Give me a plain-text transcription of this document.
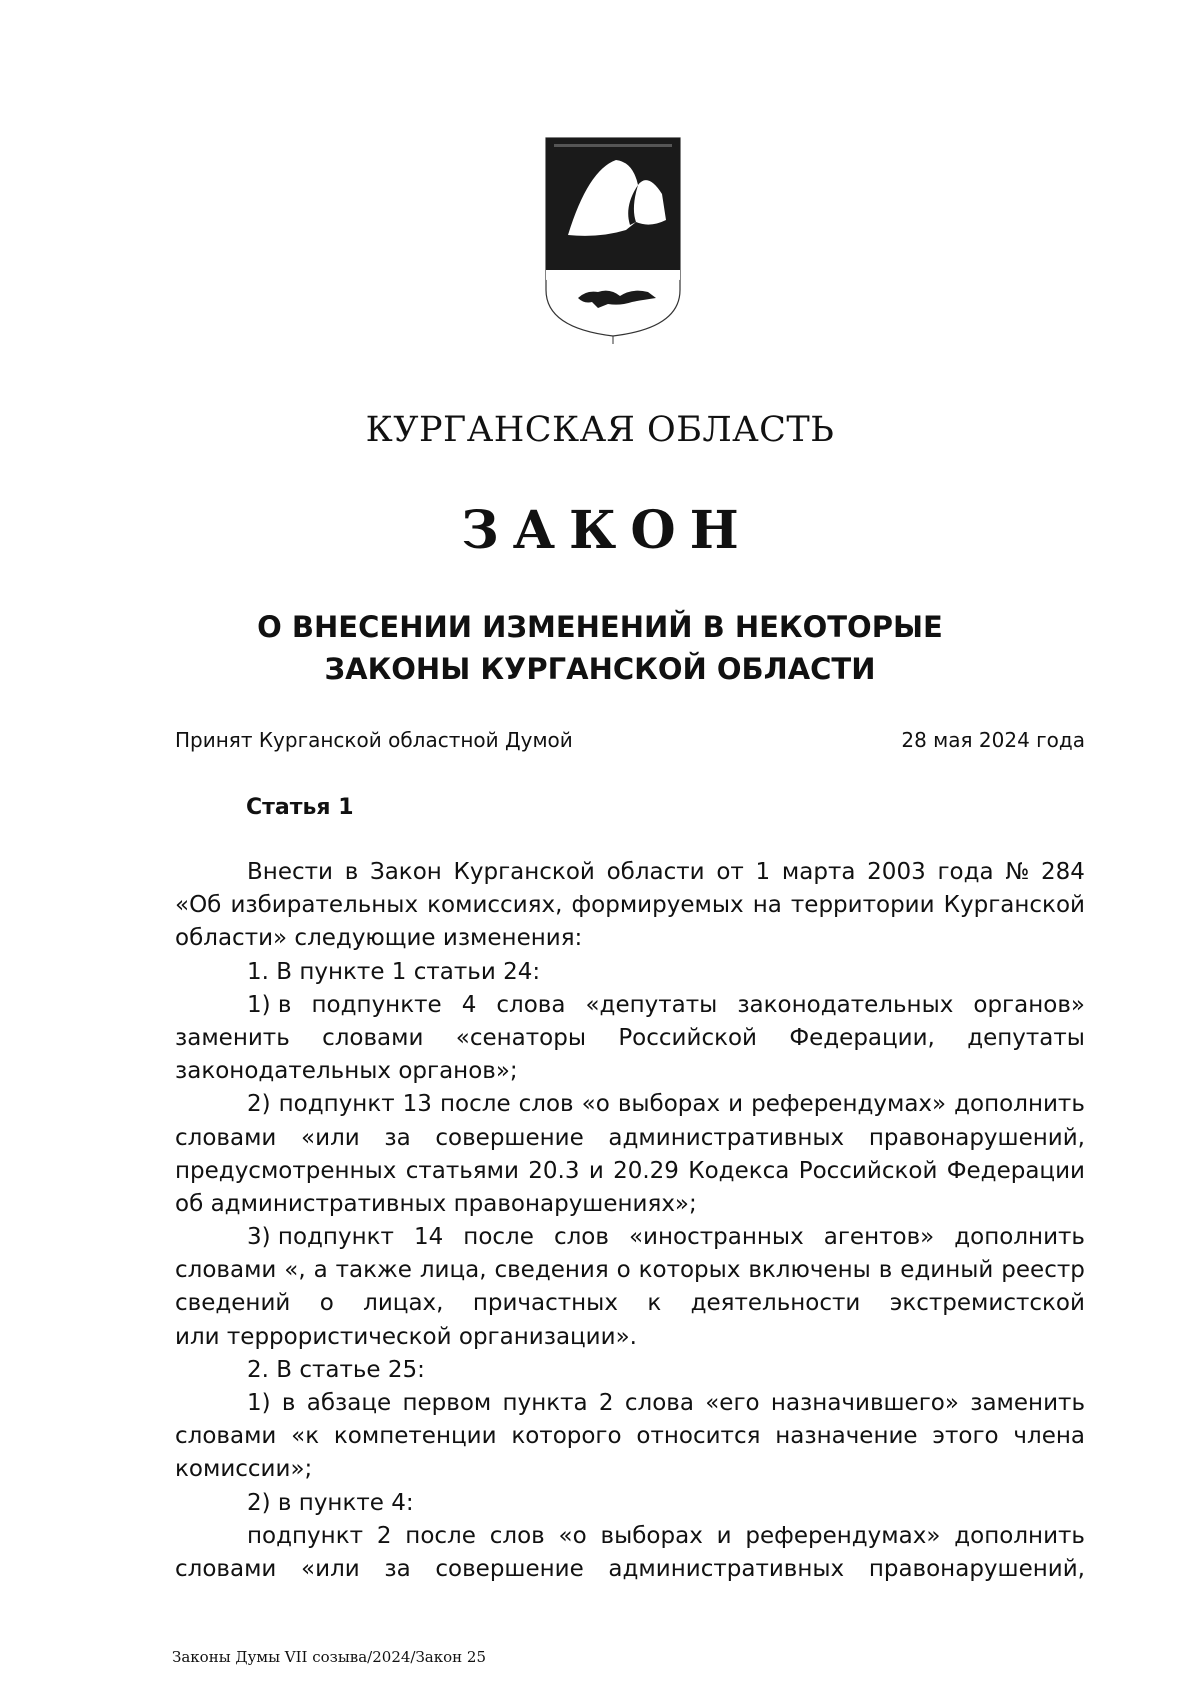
КУРГАНСКАЯ ОБЛАСТЬ
ЗАКОН
О ВНЕСЕНИИ ИЗМЕНЕНИЙ В НЕКОТОРЫЕ
ЗАКОНЫ КУРГАНСКОЙ ОБЛАСТИ
Принят Курганской областной Думой	28 мая 2024 года
Статья 1
Внести в Закон Курганской области от 1 марта 2003 года № 284
«Об избирательных комиссиях, формируемых на территории Курганской
области» следующие изменения:
1. В пункте 1 статьи 24:
1) в подпункте 4 слова «депутаты законодательных органов»
заменить словами «сенаторы Российской Федерации, депутаты
законодательных органов»;
2) подпункт 13 после слов «о выборах и референдумах» дополнить
словами «или за совершение административных правонарушений,
предусмотренных статьями 20.3 и 20.29 Кодекса Российской Федерации
об административных правонарушениях»;
3) подпункт 14 после слов «иностранных агентов» дополнить
словами «, а также лица, сведения о которых включены в единый реестр
сведений о лицах, причастных к деятельности экстремистской
или террористической организации».
2. В статье 25:
1) в абзаце первом пункта 2 слова «его назначившего» заменить
словами «к компетенции которого относится назначение этого члена
комиссии»;
2) в пункте 4:
подпункт 2 после слов «о выборах и референдумах» дополнить
словами «или за совершение административных правонарушений,
Законы Думы VII созыва/2024/Закон 25
